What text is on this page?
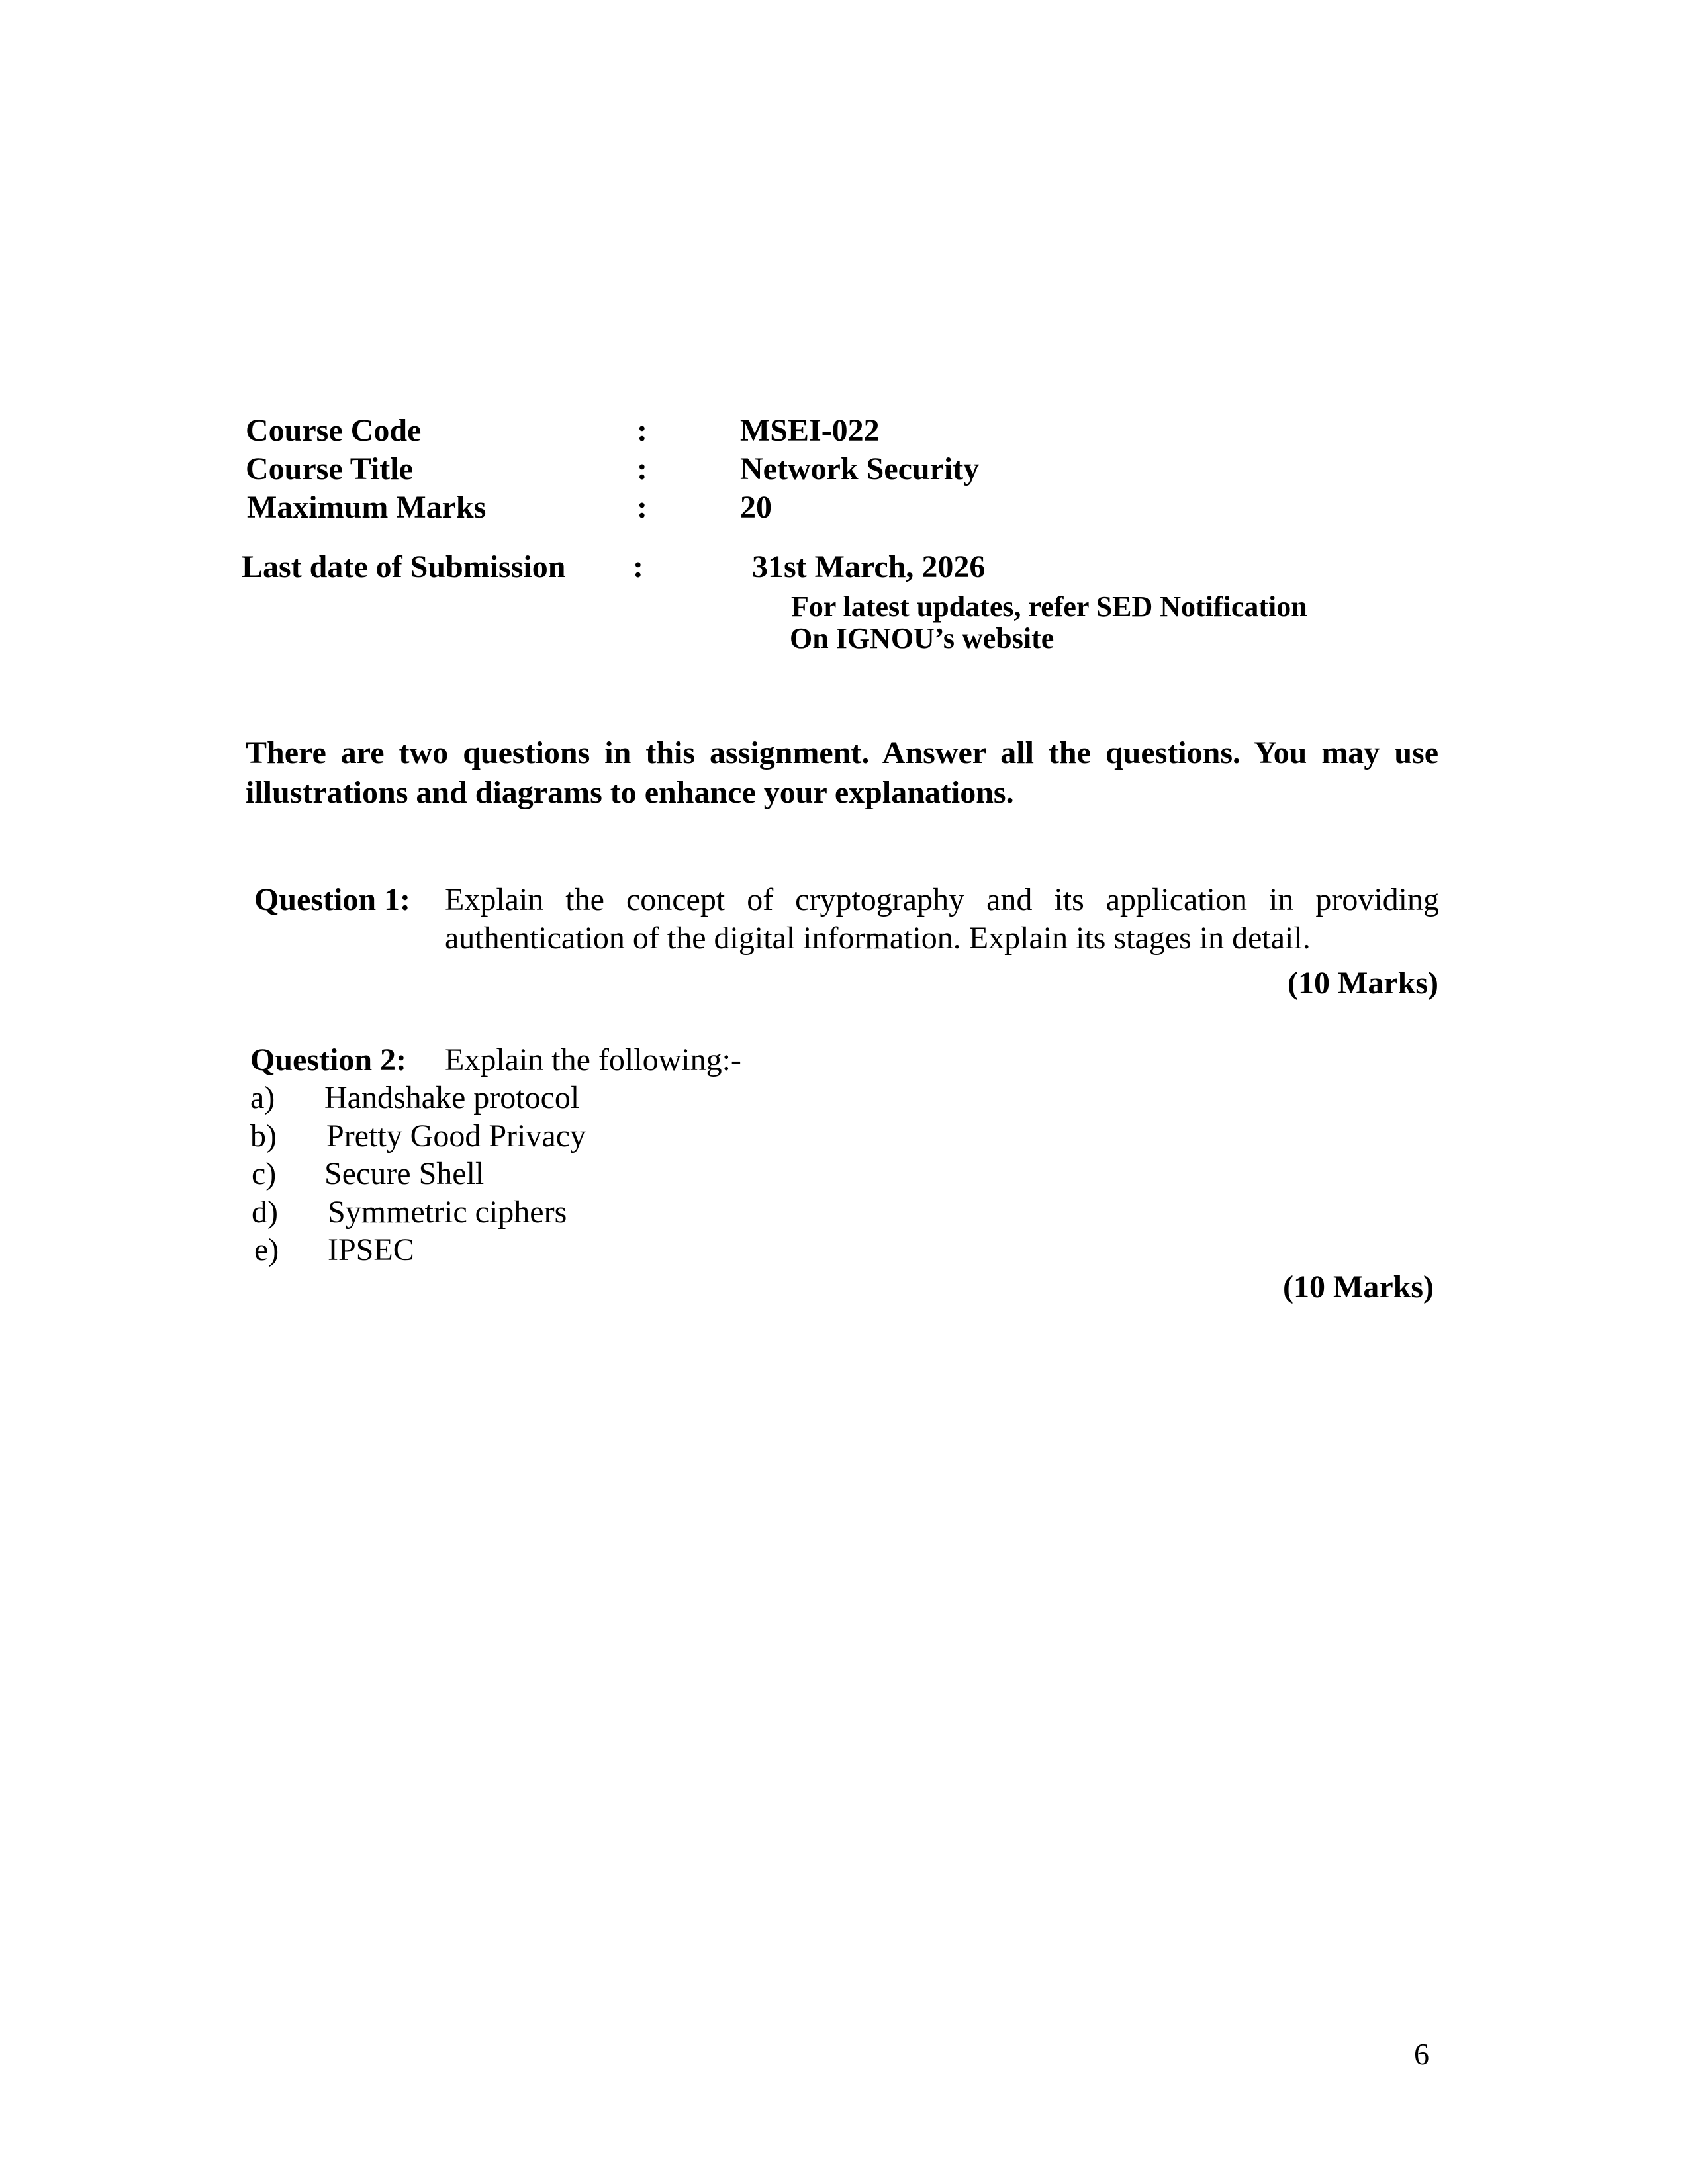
Course Code	:	MSEI-022
Course Title	:	Network Security
Maximum Marks	:	20
Last date of Submission :	31st March, 2026
For latest updates, refer SED Notification
On IGNOU’s website
There are two questions in this assignment. Answer all the questions. You may use illustrations and diagrams to enhance your explanations.
Question 1: Explain the concept of cryptography and its application in providing
authentication of the digital information. Explain its stages in detail.
(10 Marks)
Question 2: Explain the following:-
a) Handshake protocol
b) Pretty Good Privacy
c) Secure Shell
d) Symmetric ciphers
e) IPSEC
(10 Marks)
6
